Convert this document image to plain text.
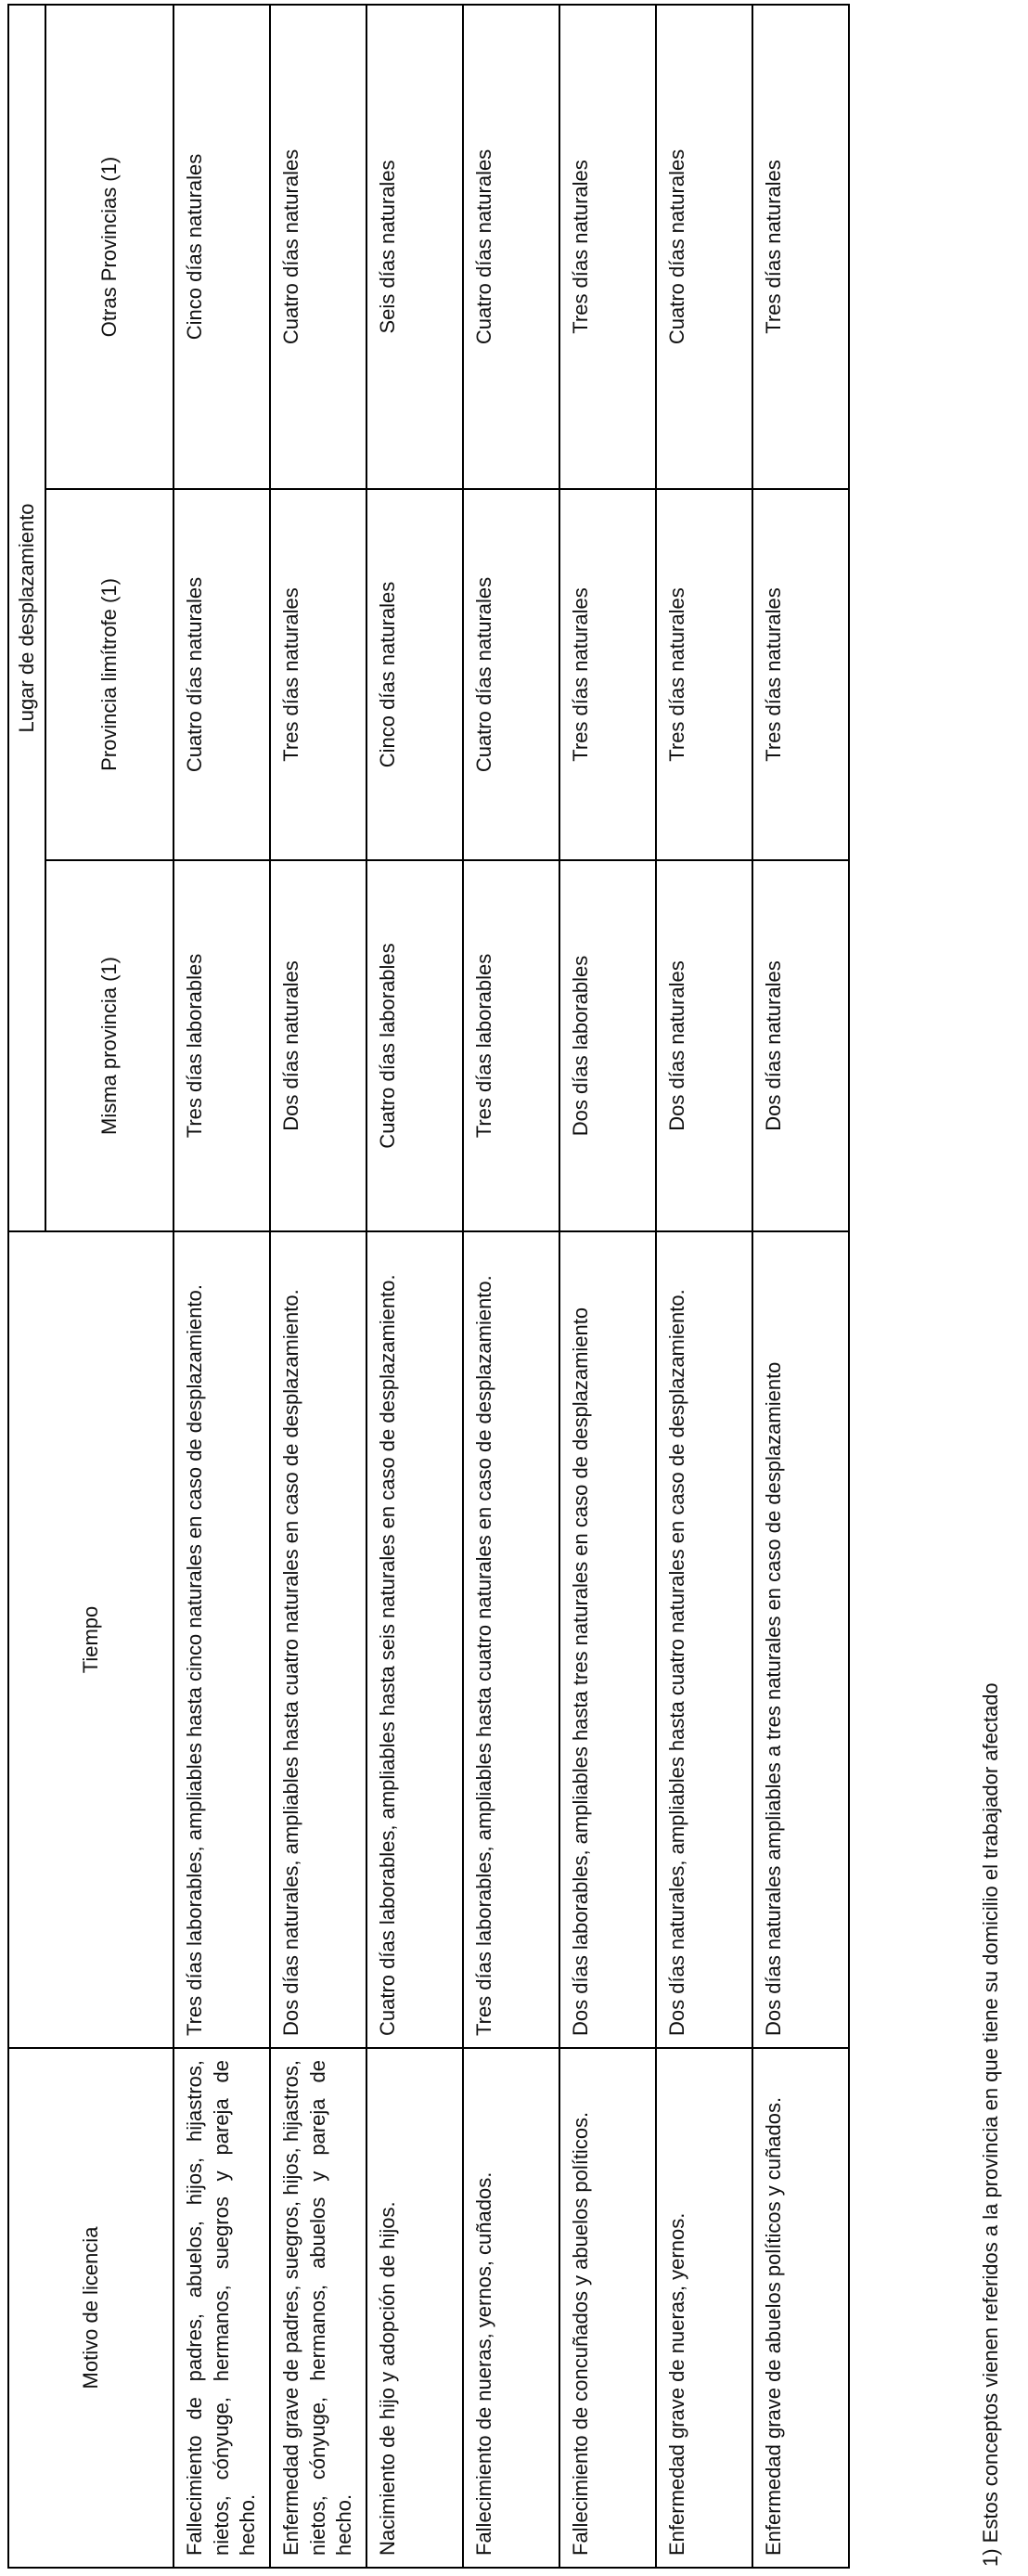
Motivo de licencia	Tiempo	Lugar de desplazamiento		
		Misma provincia (1)	Provincia limítrofe (1)	Otras Provincias (1)
Fallecimiento de padres, abuelos, hijos, hijastros, nietos, cónyuge, hermanos, suegros y pareja de hecho.	Tres días laborables, ampliables hasta cinco naturales en caso de desplazamiento.	Tres días laborables	Cuatro días naturales	Cinco días naturales
Enfermedad grave de padres, suegros, hijos, hijastros, nietos, cónyuge, hermanos, abuelos y pareja de hecho.	Dos días naturales, ampliables hasta cuatro naturales en caso de desplazamiento.	Dos días naturales	Tres días naturales	Cuatro días naturales
Nacimiento de hijo y adopción de hijos.	Cuatro días laborables, ampliables hasta seis naturales en caso de desplazamiento.	Cuatro días laborables	Cinco días naturales	Seis días naturales
Fallecimiento de nueras, yernos, cuñados.	Tres días laborables, ampliables hasta cuatro naturales en caso de desplazamiento.	Tres días laborables	Cuatro días naturales	Cuatro días naturales
Fallecimiento de concuñados y abuelos políticos.	Dos días laborables, ampliables hasta tres naturales en caso de desplazamiento	Dos días laborables	Tres días naturales	Tres días naturales
Enfermedad grave de nueras, yernos.	Dos días naturales, ampliables hasta cuatro naturales en caso de desplazamiento.	Dos días naturales	Tres días naturales	Cuatro días naturales
Enfermedad grave de abuelos políticos y cuñados.	Dos días naturales ampliables a tres naturales en caso de desplazamiento	Dos días naturales	Tres días naturales	Tres días naturales
1) Estos conceptos vienen referidos a la provincia en que tiene su domicilio el trabajador afectado
